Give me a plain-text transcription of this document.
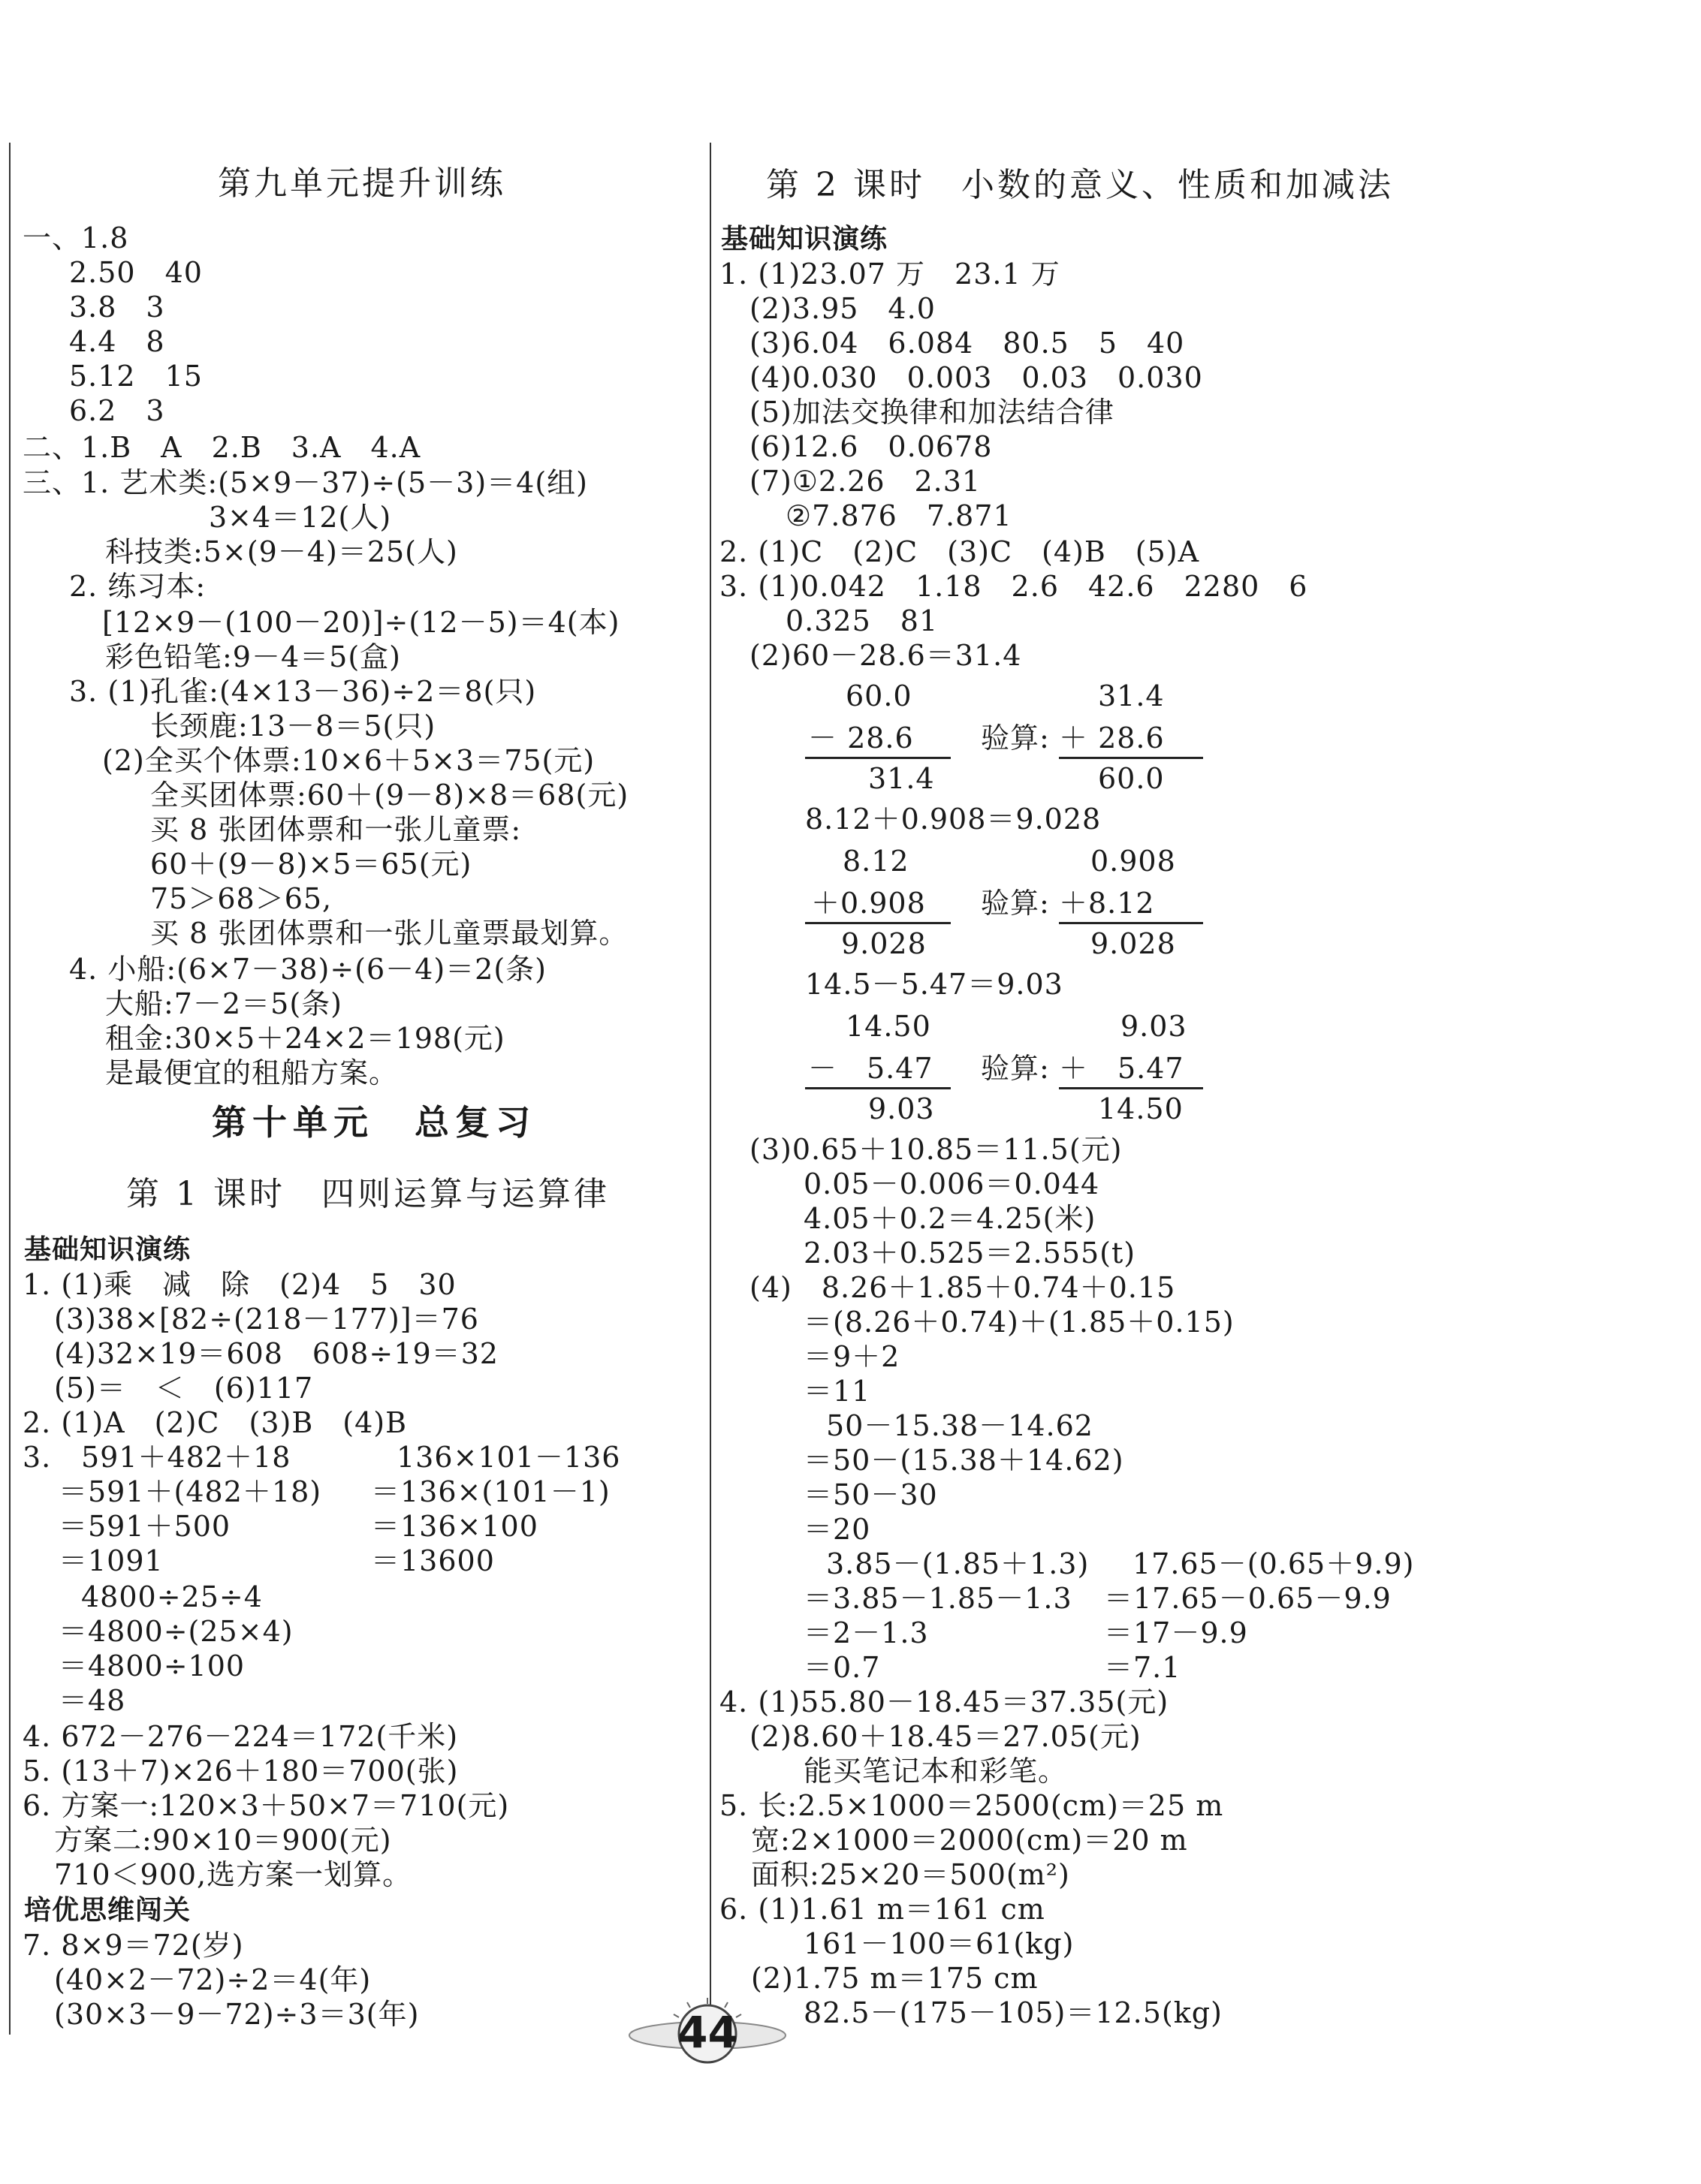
第九单元提升训练
一、1.8
2.50　40
3.8　3
4.4　8
5.12　15
6.2　3
二、1.B　A　2.B　3.A　4.A
三、1. 艺术类:(5×9－37)÷(5－3)＝4(组)
3×4＝12(人)
科技类:5×(9－4)＝25(人)
2. 练习本:
[12×9－(100－20)]÷(12－5)＝4(本)
彩色铅笔:9－4＝5(盒)
3. (1)孔雀:(4×13－36)÷2＝8(只)
长颈鹿:13－8＝5(只)
(2)全买个体票:10×6＋5×3＝75(元)
全买团体票:60＋(9－8)×8＝68(元)
买 8 张团体票和一张儿童票:
60＋(9－8)×5＝65(元)
75＞68＞65,
买 8 张团体票和一张儿童票最划算。
4. 小船:(6×7－38)÷(6－4)＝2(条)
大船:7－2＝5(条)
租金:30×5＋24×2＝198(元)
是最便宜的租船方案。
第十单元　总复习
第 1 课时　四则运算与运算律
基础知识演练
1. (1)乘　减　除　(2)4　5　30
(3)38×[82÷(218－177)]＝76
(4)32×19＝608　608÷19＝32
(5)＝　＜　(6)117
2. (1)A　(2)C　(3)B　(4)B
3. 591＋482＋18
＝591＋(482＋18)
＝591＋500
＝1091
136×101－136
＝136×(101－1)
＝136×100
＝13600
4800÷25÷4
＝4800÷(25×4)
＝4800÷100
＝48
4. 672－276－224＝172(千米)
5. (13＋7)×26＋180＝700(张)
6. 方案一:120×3＋50×7＝710(元)
方案二:90×10＝900(元)
710＜900,选方案一划算。
培优思维闯关
7. 8×9＝72(岁)
(40×2－72)÷2＝4(年)
(30×3－9－72)÷3＝3(年)
第 2 课时　小数的意义、性质和加减法
基础知识演练
1. (1)23.07 万　23.1 万
(2)3.95　4.0
(3)6.04　6.084　80.5　5　40
(4)0.030　0.003　0.03　0.030
(5)加法交换律和加法结合律
(6)12.6　0.0678
(7)①2.26　2.31
②7.876　7.871
2. (1)C　(2)C　(3)C　(4)B　(5)A
3. (1)0.042　1.18　2.6　42.6　2280　6
0.325　81
(2)60－28.6＝31.4
60.0
－ 28.6
31.4
验算:
31.4
＋ 28.6
60.0
8.12＋0.908＝9.028
8.12
＋0.908
9.028
验算:
0.908
＋8.12
9.028
14.5－5.47＝9.03
14.50
－　5.47
9.03
验算:
9.03
＋　5.47
14.50
(3)0.65＋10.85＝11.5(元)
0.05－0.006＝0.044
4.05＋0.2＝4.25(米)
2.03＋0.525＝2.555(t)
(4)　8.26＋1.85＋0.74＋0.15
＝(8.26＋0.74)＋(1.85＋0.15)
＝9＋2
＝11
50－15.38－14.62
＝50－(15.38＋14.62)
＝50－30
＝20
3.85－(1.85＋1.3)
＝3.85－1.85－1.3
＝2－1.3
＝0.7
17.65－(0.65＋9.9)
＝17.65－0.65－9.9
＝17－9.9
＝7.1
4. (1)55.80－18.45＝37.35(元)
(2)8.60＋18.45＝27.05(元)
能买笔记本和彩笔。
5. 长:2.5×1000＝2500(cm)＝25 m
宽:2×1000＝2000(cm)＝20 m
面积:25×20＝500(m²)
6. (1)1.61 m＝161 cm
161－100＝61(kg)
(2)1.75 m＝175 cm
82.5－(175－105)＝12.5(kg)
44
